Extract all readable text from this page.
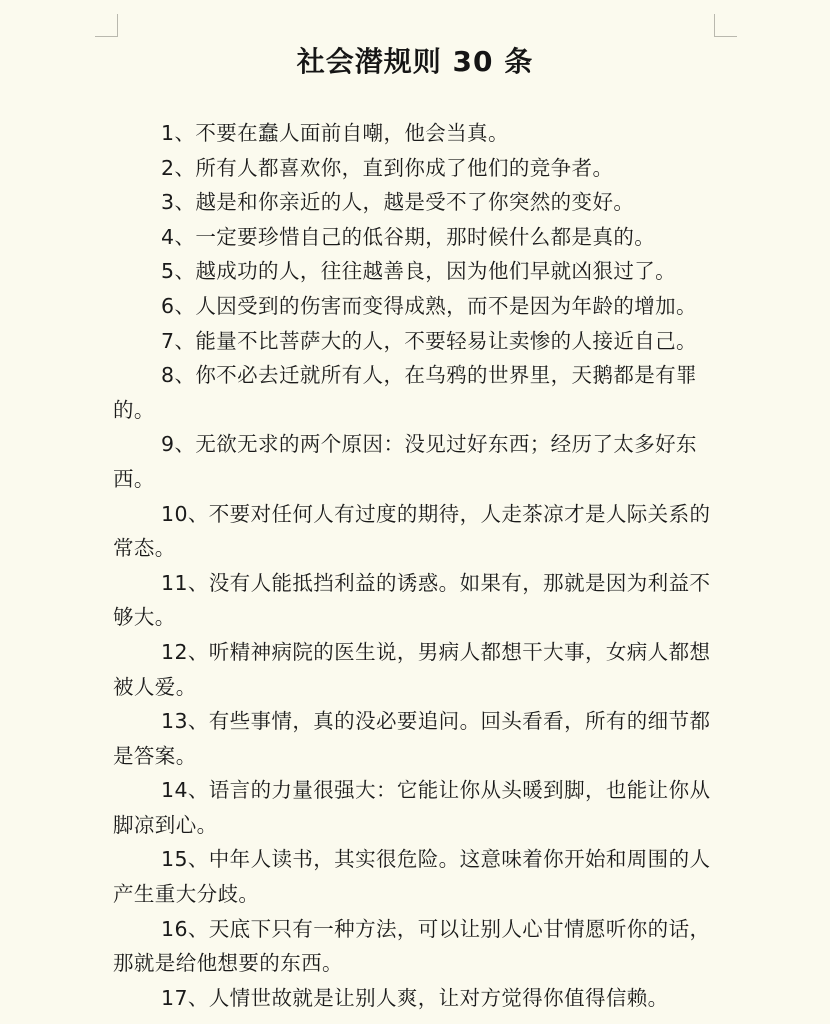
社会潜规则 30 条

1、不要在蠢人面前自嘲，他会当真。

2、所有人都喜欢你，直到你成了他们的竞争者。

3、越是和你亲近的人，越是受不了你突然的变好。

4、一定要珍惜自己的低谷期，那时候什么都是真的。

5、越成功的人，往往越善良，因为他们早就凶狠过了。

6、人因受到的伤害而变得成熟，而不是因为年龄的增加。

7、能量不比菩萨大的人，不要轻易让卖惨的人接近自己。

8、你不必去迁就所有人，在乌鸦的世界里，天鹅都是有罪的。

9、无欲无求的两个原因：没见过好东西；经历了太多好东西。

10、不要对任何人有过度的期待，人走茶凉才是人际关系的常态。

11、没有人能抵挡利益的诱惑。如果有，那就是因为利益不够大。

12、听精神病院的医生说，男病人都想干大事，女病人都想被人爱。

13、有些事情，真的没必要追问。回头看看，所有的细节都是答案。

14、语言的力量很强大：它能让你从头暖到脚，也能让你从脚凉到心。

15、中年人读书，其实很危险。这意味着你开始和周围的人产生重大分歧。

16、天底下只有一种方法，可以让别人心甘情愿听你的话，那就是给他想要的东西。

17、人情世故就是让别人爽，让对方觉得你值得信赖。
